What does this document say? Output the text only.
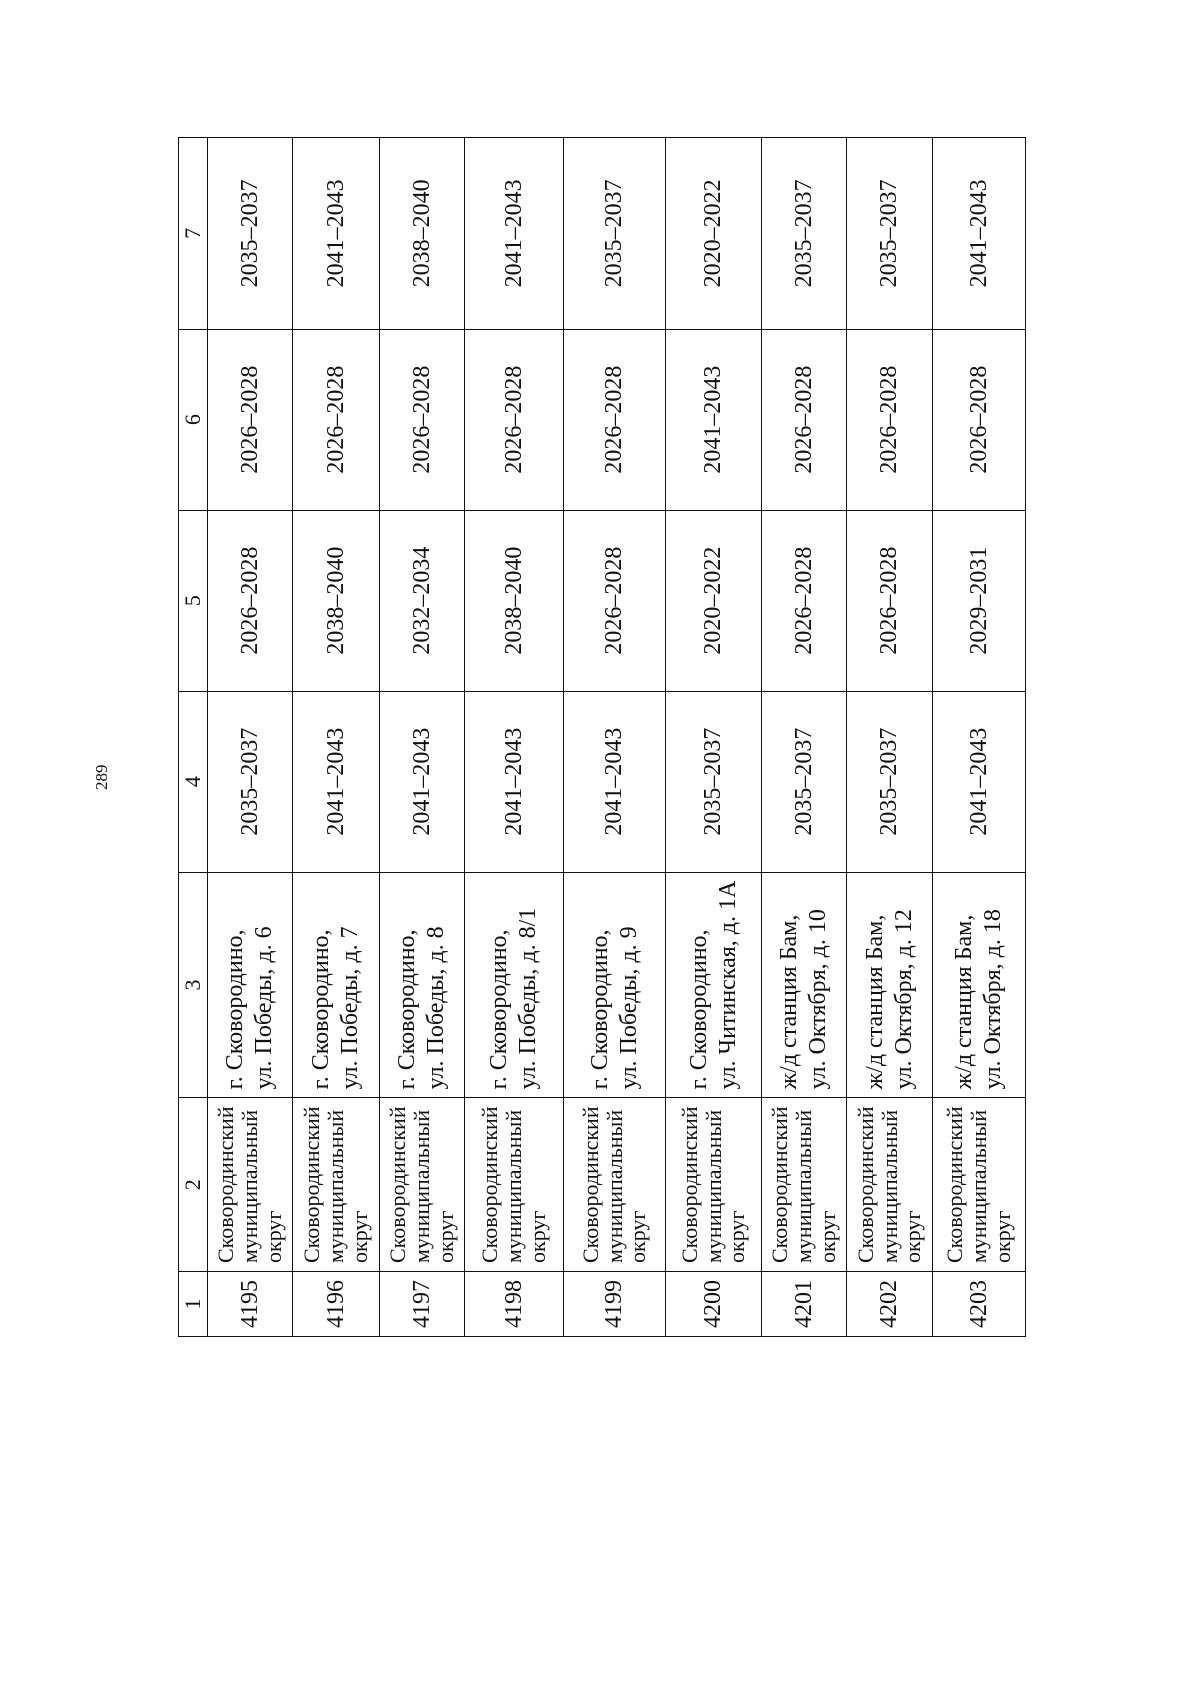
289
1	2	3	4	5	6	7
4195	Сковородинский
муниципальный
округ	г. Сковородино, ул. Победы, д. 6	2035–2037	2026–2028	2026–2028	2035–2037
4196	Сковородинский
муниципальный
округ	г. Сковородино, ул. Победы, д. 7	2041–2043	2038–2040	2026–2028	2041–2043
4197	Сковородинский
муниципальный
округ	г. Сковородино, ул. Победы, д. 8	2041–2043	2032–2034	2026–2028	2038–2040
4198	Сковородинский
муниципальный
округ	г. Сковородино, ул. Победы, д. 8/1	2041–2043	2038–2040	2026–2028	2041–2043
4199	Сковородинский
муниципальный
округ	г. Сковородино, ул. Победы, д. 9	2041–2043	2026–2028	2026–2028	2035–2037
4200	Сковородинский
муниципальный
округ	г. Сковородино, ул. Читинская, д. 1А	2035–2037	2020–2022	2041–2043	2020–2022
4201	Сковородинский
муниципальный
округ	ж/д станция Бам, ул. Октября, д. 10	2035–2037	2026–2028	2026–2028	2035–2037
4202	Сковородинский
муниципальный
округ	ж/д станция Бам, ул. Октября, д. 12	2035–2037	2026–2028	2026–2028	2035–2037
4203	Сковородинский
муниципальный
округ	ж/д станция Бам, ул. Октября, д. 18	2041–2043	2029–2031	2026–2028	2041–2043
